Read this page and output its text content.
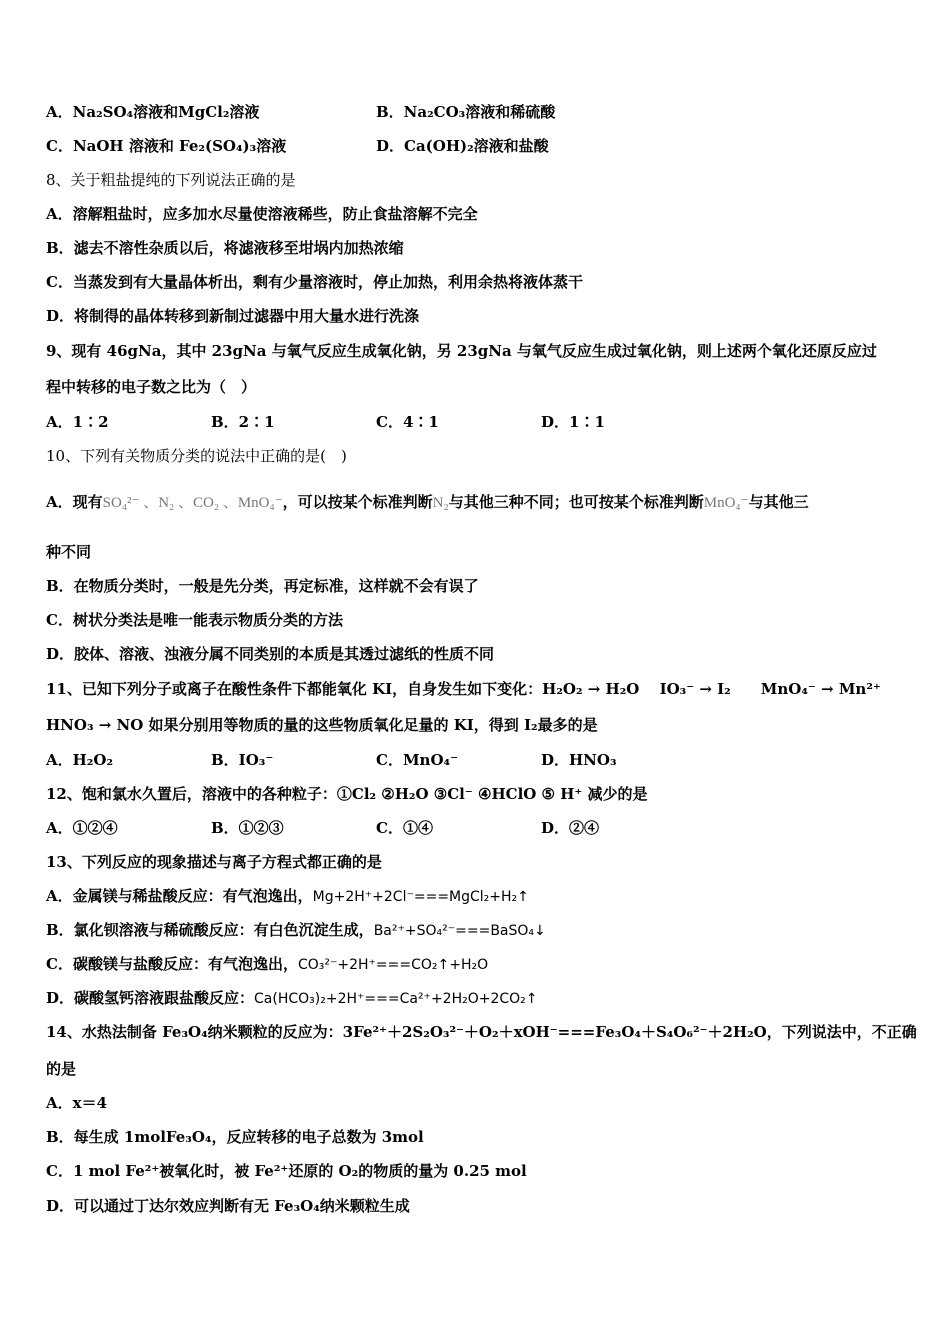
A．Na₂SO₄溶液和MgCl₂溶液	B．Na₂CO₃溶液和稀硫酸
C．NaOH 溶液和 Fe₂(SO₄)₃溶液	D．Ca(OH)₂溶液和盐酸
8、关于粗盐提纯的下列说法正确的是
A．溶解粗盐时，应多加水尽量使溶液稀些，防止食盐溶解不完全
B．滤去不溶性杂质以后，将滤液移至坩埚内加热浓缩
C．当蒸发到有大量晶体析出，剩有少量溶液时，停止加热，利用余热将液体蒸干
D．将制得的晶体转移到新制过滤器中用大量水进行洗涤
9、现有 46gNa，其中 23gNa 与氧气反应生成氧化钠，另 23gNa 与氧气反应生成过氧化钠，则上述两个氧化还原反应过
程中转移的电子数之比为（　）
A．1∶2	B．2∶1	C．4∶1	D．1∶1
10、下列有关物质分类的说法中正确的是(　)
A．现有SO₄²⁻ 、N₂ 、CO₂ 、MnO₄⁻，可以按某个标准判断N₂与其他三种不同；也可按某个标准判断MnO₄⁻与其他三
种不同
B．在物质分类时，一般是先分类，再定标准，这样就不会有误了
C．树状分类法是唯一能表示物质分类的方法
D．胶体、溶液、浊液分属不同类别的本质是其透过滤纸的性质不同
11、已知下列分子或离子在酸性条件下都能氧化 KI，自身发生如下变化：H₂O₂ → H₂O　 IO₃⁻ → I₂　　MnO₄⁻ → Mn²⁺
HNO₃ → NO 如果分别用等物质的量的这些物质氧化足量的 KI，得到 I₂最多的是
A．H₂O₂	B．IO₃⁻	C．MnO₄⁻	D．HNO₃
12、饱和氯水久置后，溶液中的各种粒子：①Cl₂ ②H₂O ③Cl⁻ ④HClO ⑤ H⁺ 减少的是
A．①②④	B．①②③	C．①④	D．②④
13、下列反应的现象描述与离子方程式都正确的是
A．金属镁与稀盐酸反应：有气泡逸出，Mg+2H⁺+2Cl⁻===MgCl₂+H₂↑
B．氯化钡溶液与稀硫酸反应：有白色沉淀生成，Ba²⁺+SO₄²⁻===BaSO₄↓
C．碳酸镁与盐酸反应：有气泡逸出，CO₃²⁻+2H⁺===CO₂↑+H₂O
D．碳酸氢钙溶液跟盐酸反应：Ca(HCO₃)₂+2H⁺===Ca²⁺+2H₂O+2CO₂↑
14、水热法制备 Fe₃O₄纳米颗粒的反应为：3Fe²⁺＋2S₂O₃²⁻＋O₂＋xOH⁻===Fe₃O₄＋S₄O₆²⁻＋2H₂O，下列说法中，不正确
的是
A．x＝4
B．每生成 1molFe₃O₄，反应转移的电子总数为 3mol
C．1 mol Fe²⁺被氧化时，被 Fe²⁺还原的 O₂的物质的量为 0.25 mol
D．可以通过丁达尔效应判断有无 Fe₃O₄纳米颗粒生成
